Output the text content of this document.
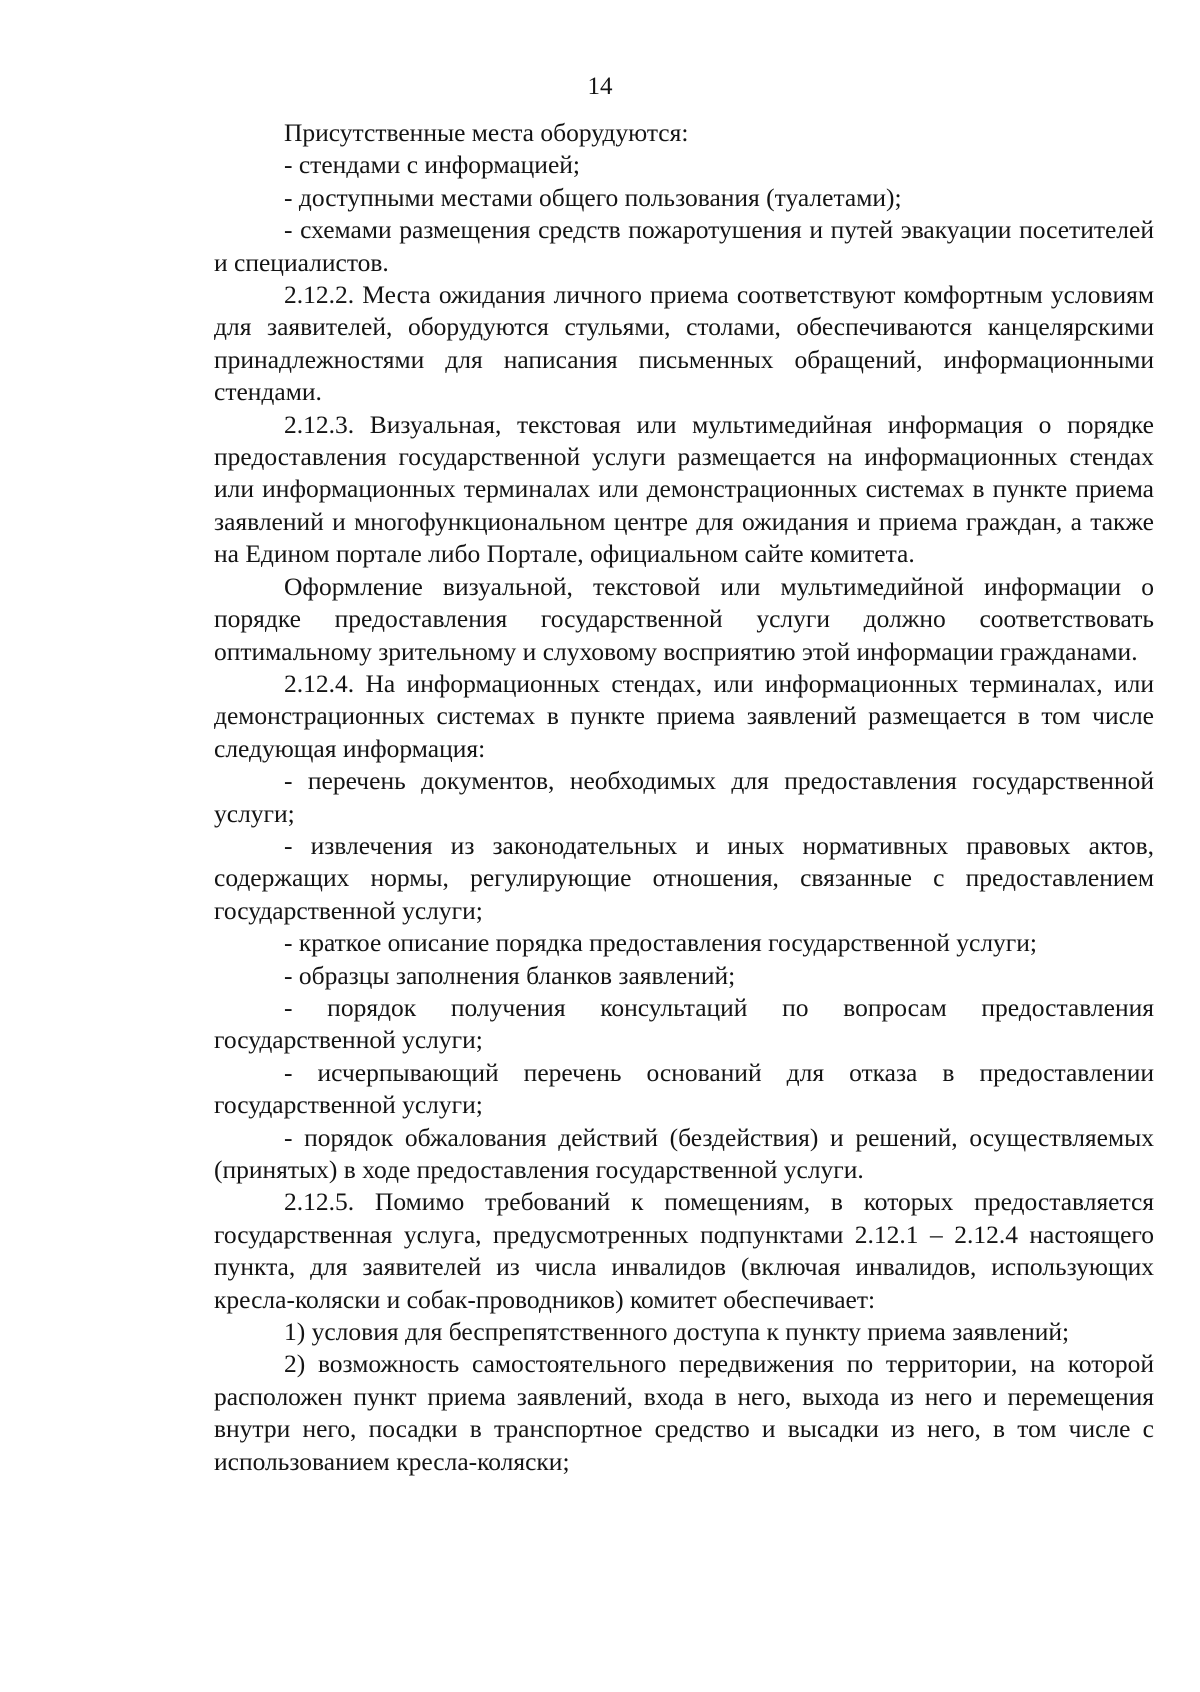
14

Присутственные места оборудуются:

- стендами с информацией;

- доступными местами общего пользования (туалетами);

- схемами размещения средств пожаротушения и путей эвакуации посетителей и специалистов.

2.12.2. Места ожидания личного приема соответствуют комфортным условиям для заявителей, оборудуются стульями, столами, обеспечиваются канцелярскими принадлежностями для написания письменных обращений, информационными стендами.

2.12.3. Визуальная, текстовая или мультимедийная информация о порядке предоставления государственной услуги размещается на информационных стендах или информационных терминалах или демонстрационных системах в пункте приема заявлений и многофункциональном центре для ожидания и приема граждан, а также на Едином портале либо Портале, официальном сайте комитета.

Оформление визуальной, текстовой или мультимедийной информации о порядке предоставления государственной услуги должно соответствовать оптимальному зрительному и слуховому восприятию этой информации гражданами.

2.12.4. На информационных стендах, или информационных терминалах, или демонстрационных системах в пункте приема заявлений размещается в том числе следующая информация:

- перечень документов, необходимых для предоставления государственной услуги;

- извлечения из законодательных и иных нормативных правовых актов, содержащих нормы, регулирующие отношения, связанные с предоставлением государственной услуги;

- краткое описание порядка предоставления государственной услуги;

- образцы заполнения бланков заявлений;

- порядок получения консультаций по вопросам предоставления государственной услуги;

- исчерпывающий перечень оснований для отказа в предоставлении государственной услуги;

- порядок обжалования действий (бездействия) и решений, осуществляемых (принятых) в ходе предоставления государственной услуги.

2.12.5. Помимо требований к помещениям, в которых предоставляется государственная услуга, предусмотренных подпунктами 2.12.1 – 2.12.4 настоящего пункта, для заявителей из числа инвалидов (включая инвалидов, использующих кресла-коляски и собак-проводников) комитет обеспечивает:

1) условия для беспрепятственного доступа к пункту приема заявлений;

2) возможность самостоятельного передвижения по территории, на которой расположен пункт приема заявлений, входа в него, выхода из него и перемещения внутри него, посадки в транспортное средство и высадки из него, в том числе с использованием кресла-коляски;
